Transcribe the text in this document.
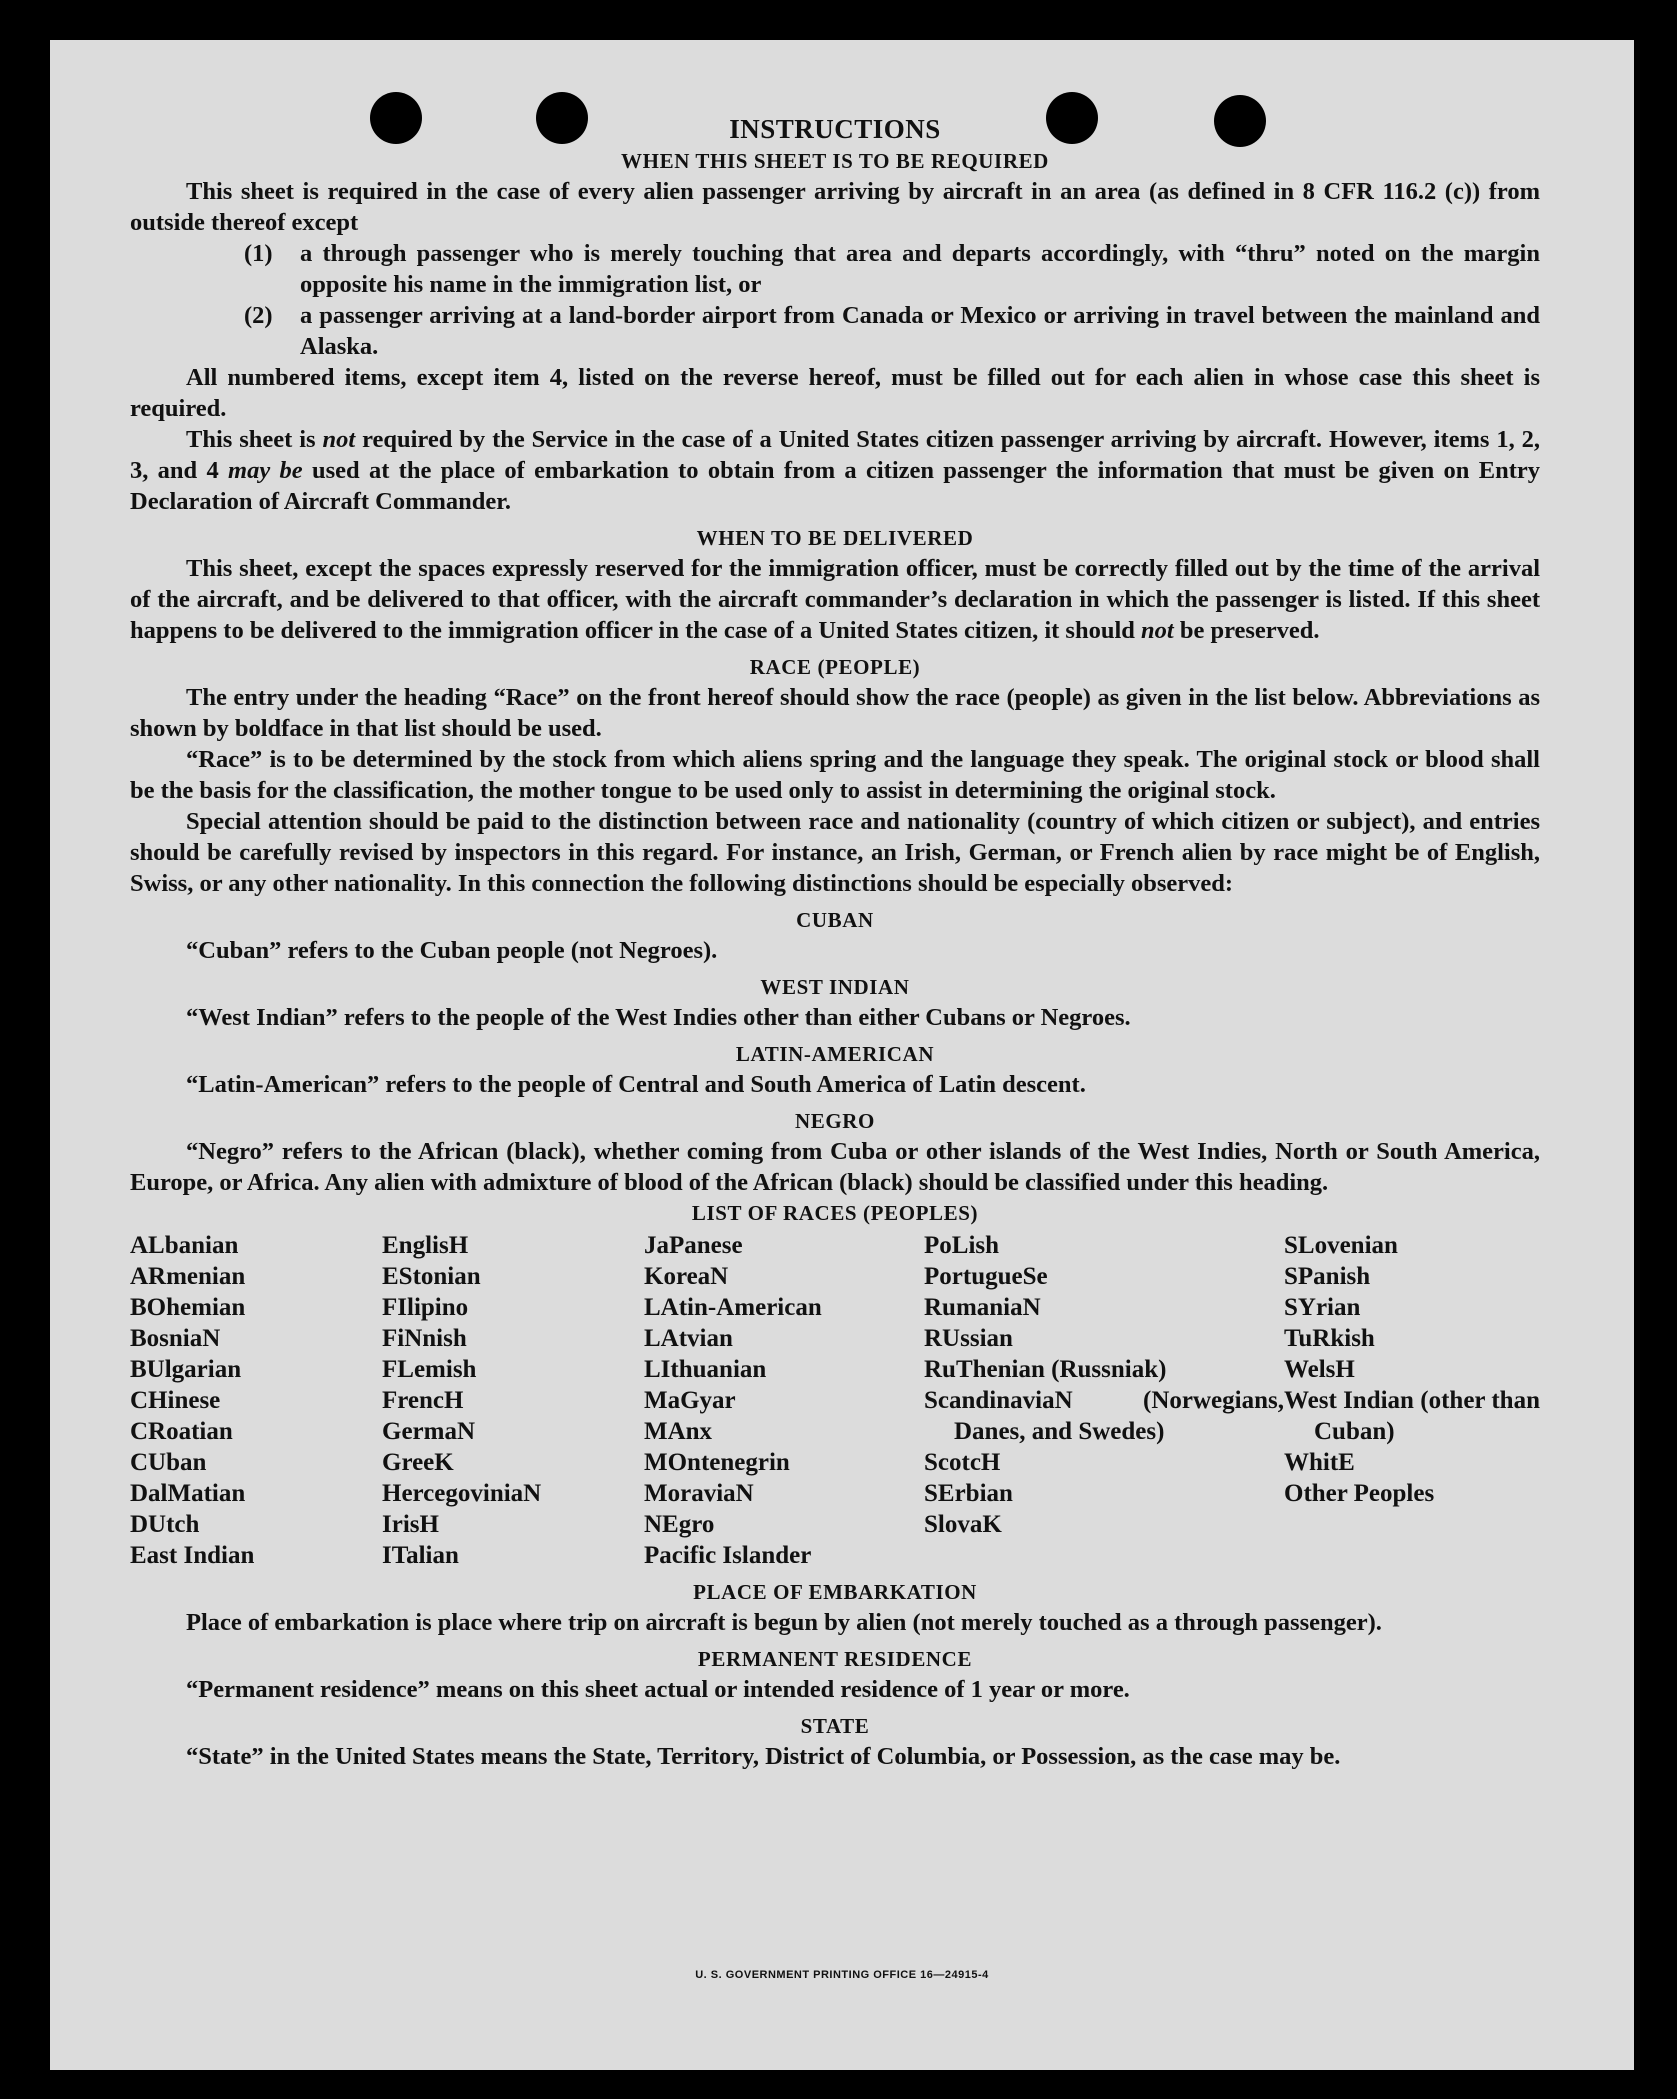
U. S. GOVERNMENT PRINTING OFFICE 16—24915-4
INSTRUCTIONS
WHEN THIS SHEET IS TO BE REQUIRED

This sheet is required in the case of every alien passenger arriving by aircraft in an area (as defined in 8 CFR 116.2 (c)) from outside thereof except

(1)	a through passenger who is merely touching that area and departs accordingly, with “thru” noted on the margin opposite his name in the immigration list, or
(2)	a passenger arriving at a land-border airport from Canada or Mexico or arriving in travel between the mainland and Alaska.

All numbered items, except item 4, listed on the reverse hereof, must be filled out for each alien in whose case this sheet is required.

This sheet is not required by the Service in the case of a United States citizen passenger arriving by aircraft. However, items 1, 2, 3, and 4 may be used at the place of embarkation to obtain from a citizen passenger the information that must be given on Entry Declaration of Aircraft Commander.

WHEN TO BE DELIVERED

This sheet, except the spaces expressly reserved for the immigration officer, must be correctly filled out by the time of the arrival of the aircraft, and be delivered to that officer, with the aircraft commander’s declaration in which the passenger is listed. If this sheet happens to be delivered to the immigration officer in the case of a United States citizen, it should not be preserved.

RACE (PEOPLE)

The entry under the heading “Race” on the front hereof should show the race (people) as given in the list below. Abbreviations as shown by boldface in that list should be used.

“Race” is to be determined by the stock from which aliens spring and the language they speak. The original stock or blood shall be the basis for the classification, the mother tongue to be used only to assist in determining the original stock.

Special attention should be paid to the distinction between race and nationality (country of which citizen or subject), and entries should be carefully revised by inspectors in this regard. For instance, an Irish, German, or French alien by race might be of English, Swiss, or any other nationality. In this connection the following distinctions should be especially observed:

CUBAN

“Cuban” refers to the Cuban people (not Negroes).

WEST INDIAN

“West Indian” refers to the people of the West Indies other than either Cubans or Negroes.

LATIN-AMERICAN

“Latin-American” refers to the people of Central and South America of Latin descent.

NEGRO

“Negro” refers to the African (black), whether coming from Cuba or other islands of the West Indies, North or South America, Europe, or Africa. Any alien with admixture of blood of the African (black) should be classified under this heading.

LIST OF RACES (PEOPLES)
ALbanian
ARmenian
BOhemian
BosniaN
BUlgarian
CHinese
CRoatian
CUban
DalMatian
DUtch
East Indian
EnglisH
EStonian
FIlipino
FiNnish
FLemish
FrencH
GermaN
GreeK
HercegoviniaN
IrisH
ITalian
JaPanese
KoreaN
LAtin-American
LAtvian
LIthuanian
MaGyar
MAnx
MOntenegrin
MoraviaN
NEgro
Pacific Islander
PoLish
PortugueSe
RumaniaN
RUssian
RuThenian (Russniak)
ScandinaviaN (Norwegians, Danes, and Swedes)
ScotcH
SErbian
SlovaK
SLovenian
SPanish
SYrian
TuRkish
WelsH
West Indian (other than Cuban)
WhitE
Other Peoples
PLACE OF EMBARKATION

Place of embarkation is place where trip on aircraft is begun by alien (not merely touched as a through passenger).

PERMANENT RESIDENCE

“Permanent residence” means on this sheet actual or intended residence of 1 year or more.

STATE

“State” in the United States means the State, Territory, District of Columbia, or Possession, as the case may be.
